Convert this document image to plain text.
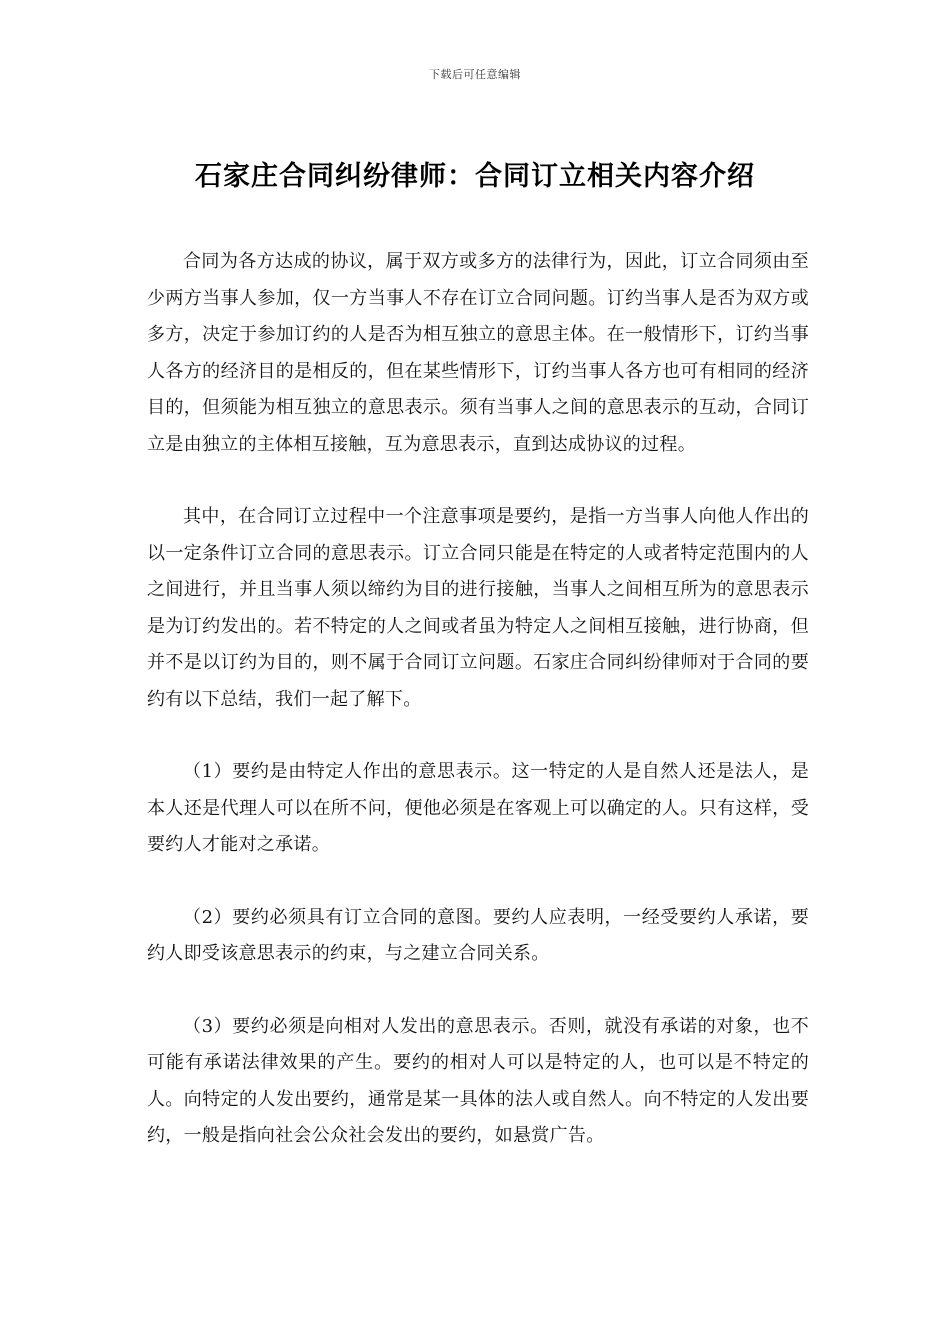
下载后可任意编辑
石家庄合同纠纷律师：合同订立相关内容介绍

合同为各方达成的协议，属于双方或多方的法律行为，因此，订立合同须由至少两方当事人参加，仅一方当事人不存在订立合同问题。订约当事人是否为双方或多方，决定于参加订约的人是否为相互独立的意思主体。在一般情形下，订约当事人各方的经济目的是相反的，但在某些情形下，订约当事人各方也可有相同的经济目的，但须能为相互独立的意思表示。须有当事人之间的意思表示的互动，合同订立是由独立的主体相互接触，互为意思表示，直到达成协议的过程。

其中，在合同订立过程中一个注意事项是要约，是指一方当事人向他人作出的以一定条件订立合同的意思表示。订立合同只能是在特定的人或者特定范围内的人之间进行，并且当事人须以缔约为目的进行接触，当事人之间相互所为的意思表示是为订约发出的。若不特定的人之间或者虽为特定人之间相互接触，进行协商，但并不是以订约为目的，则不属于合同订立问题。石家庄合同纠纷律师对于合同的要约有以下总结，我们一起了解下。

（1）要约是由特定人作出的意思表示。这一特定的人是自然人还是法人，是本人还是代理人可以在所不问，便他必须是在客观上可以确定的人。只有这样，受要约人才能对之承诺。

（2）要约必须具有订立合同的意图。要约人应表明，一经受要约人承诺，要约人即受该意思表示的约束，与之建立合同关系。

（3）要约必须是向相对人发出的意思表示。否则，就没有承诺的对象，也不可能有承诺法律效果的产生。要约的相对人可以是特定的人，也可以是不特定的人。向特定的人发出要约，通常是某一具体的法人或自然人。向不特定的人发出要约，一般是指向社会公众社会发出的要约，如悬赏广告。
